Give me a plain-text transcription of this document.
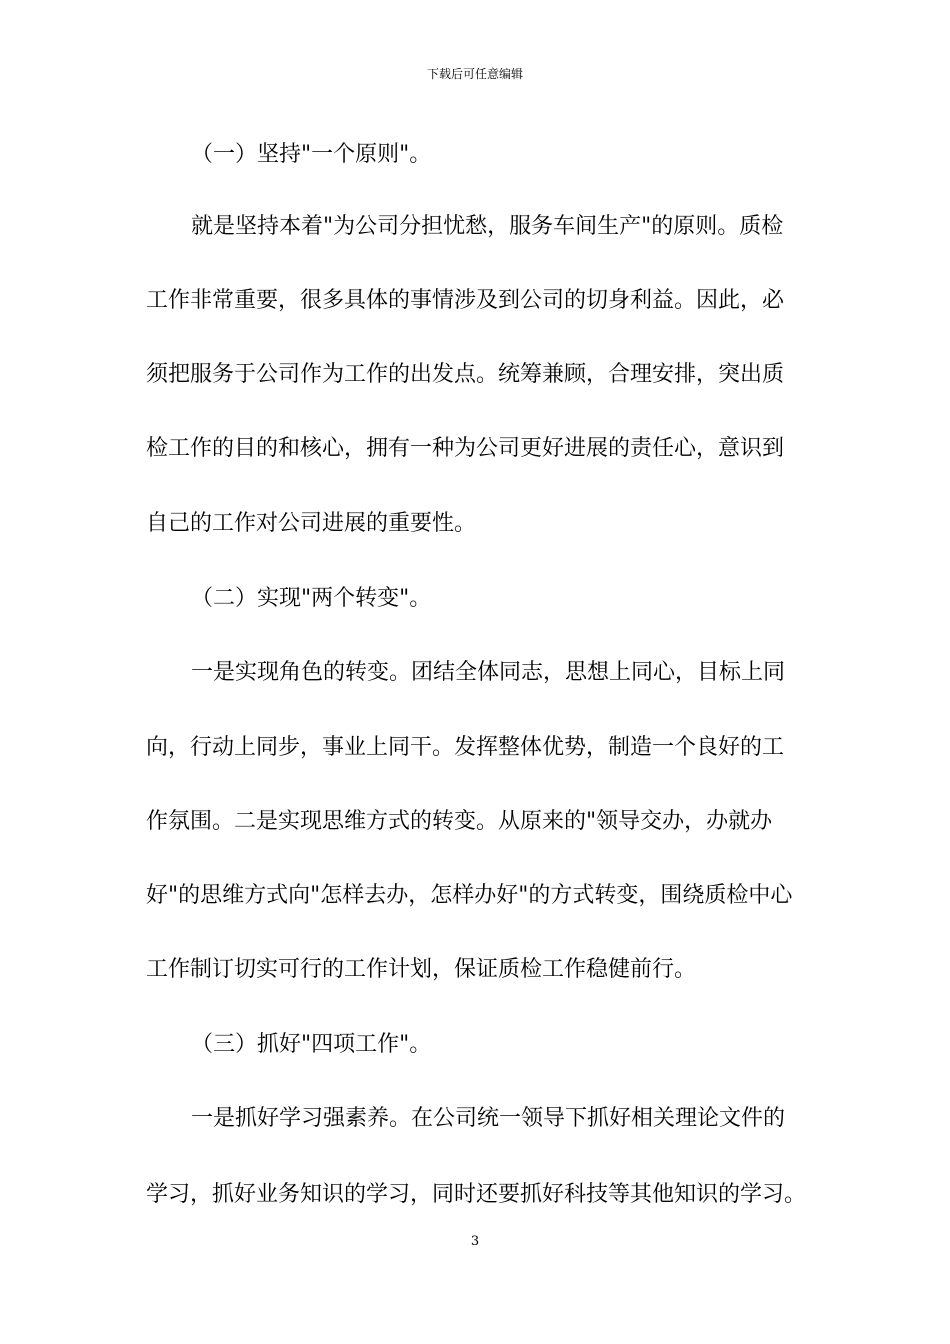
下载后可任意编辑
（一）坚持"一个原则"。
就是坚持本着"为公司分担忧愁，服务车间生产"的原则。质检
工作非常重要，很多具体的事情涉及到公司的切身利益。因此，必
须把服务于公司作为工作的出发点。统筹兼顾，合理安排，突出质
检工作的目的和核心，拥有一种为公司更好进展的责任心，意识到
自己的工作对公司进展的重要性。
（二）实现"两个转变"。
一是实现角色的转变。团结全体同志，思想上同心，目标上同
向，行动上同步，事业上同干。发挥整体优势，制造一个良好的工
作氛围。二是实现思维方式的转变。从原来的"领导交办，办就办
好"的思维方式向"怎样去办，怎样办好"的方式转变，围绕质检中心
工作制订切实可行的工作计划，保证质检工作稳健前行。
（三）抓好"四项工作"。
一是抓好学习强素养。在公司统一领导下抓好相关理论文件的
学习，抓好业务知识的学习，同时还要抓好科技等其他知识的学习。
3
